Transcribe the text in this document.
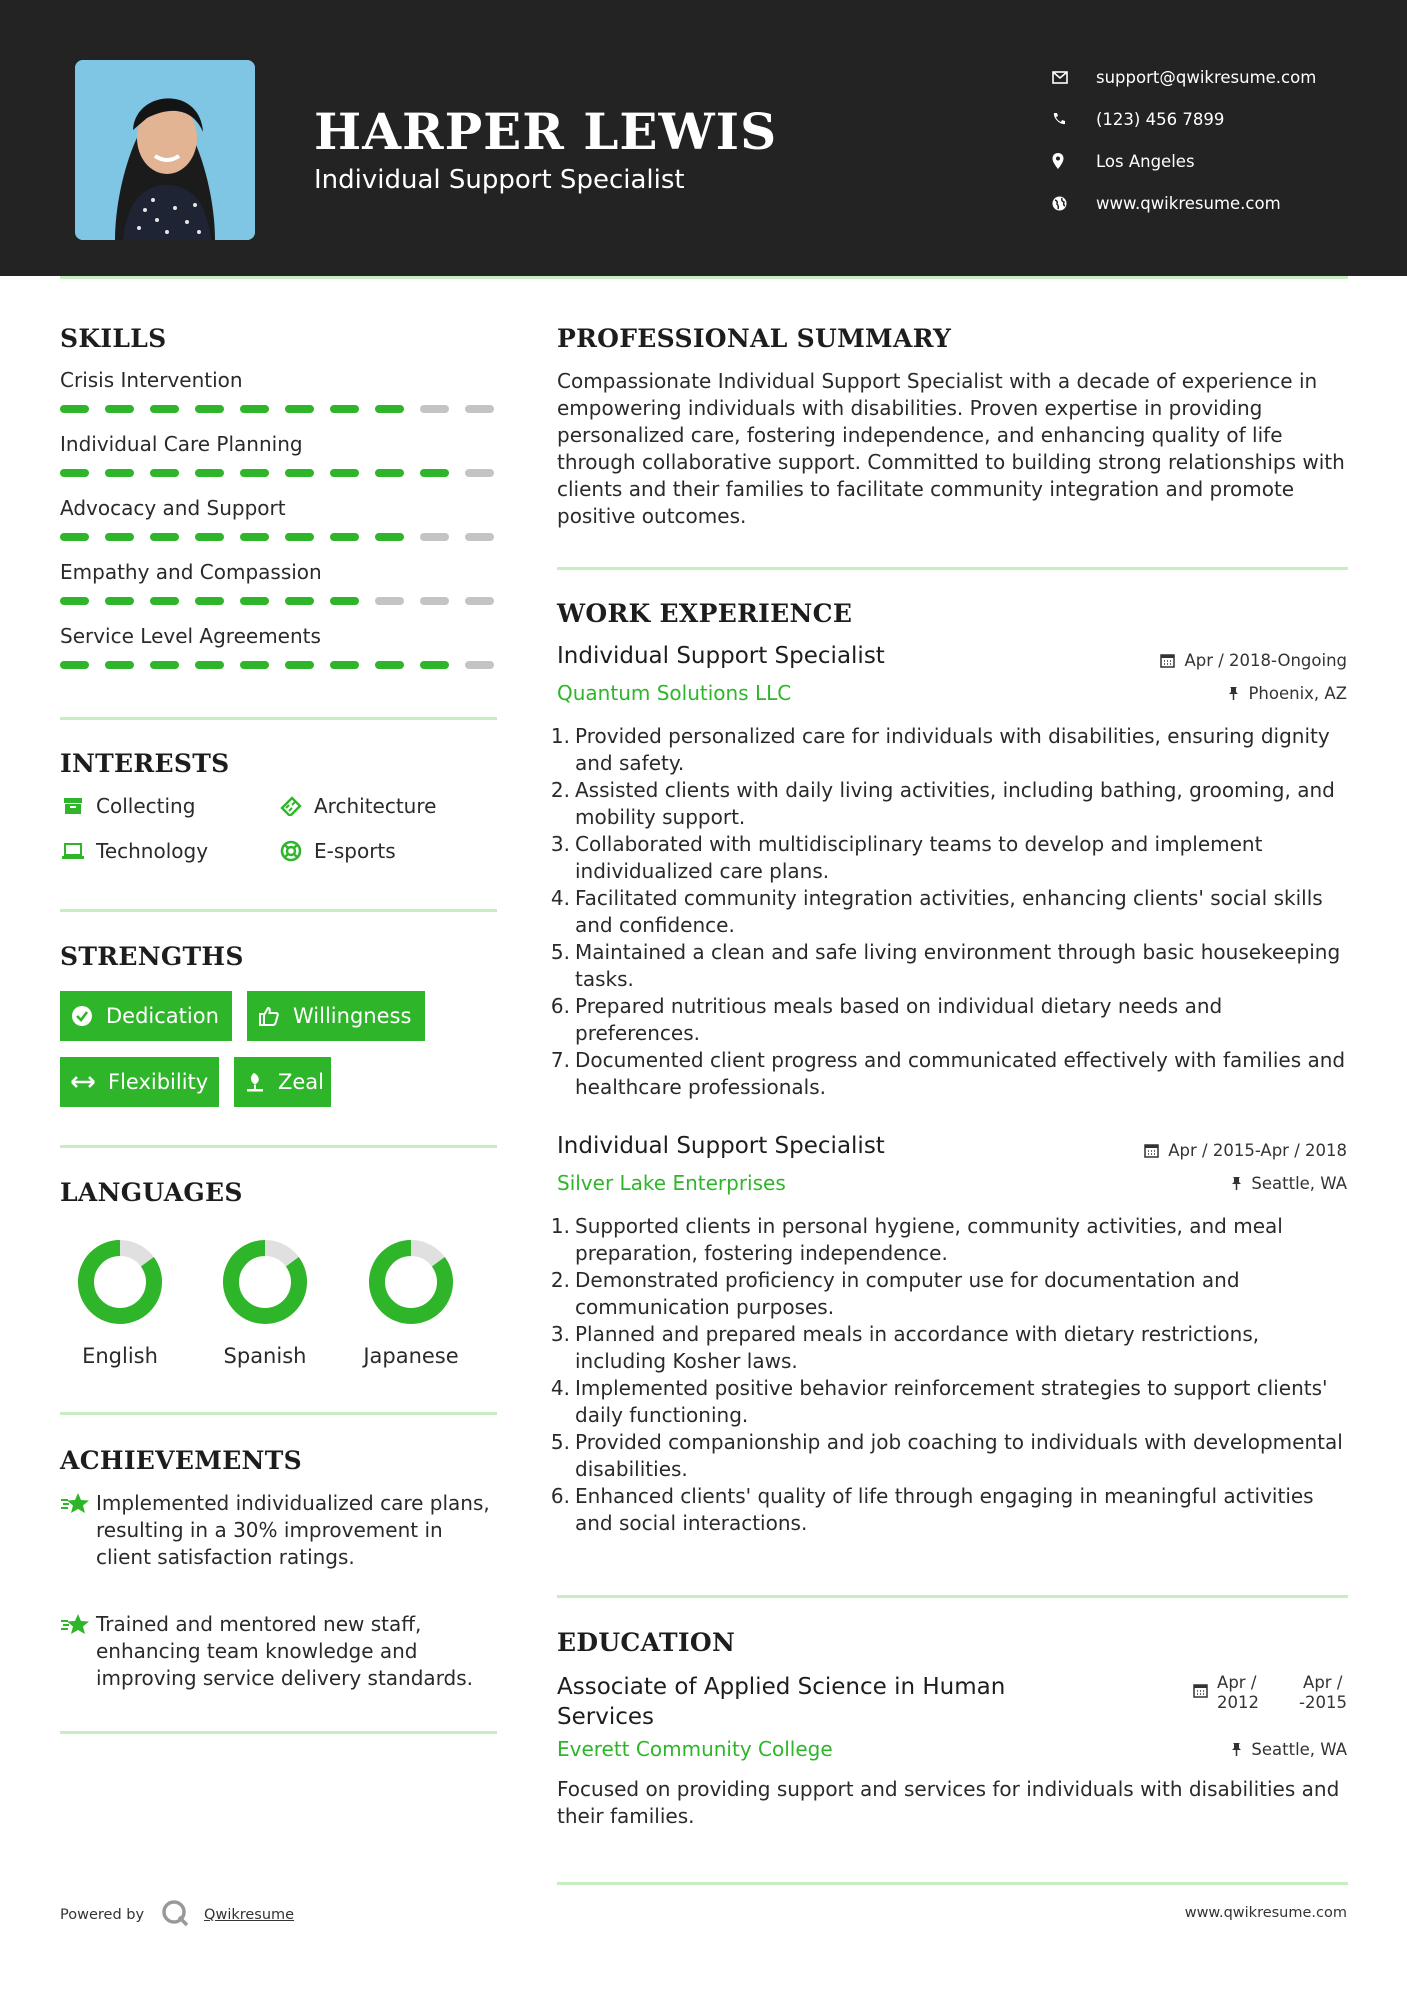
HARPER LEWIS
Individual Support Specialist
support@qwikresume.com
(123) 456 7899
Los Angeles
www.qwikresume.com
SKILLS
Crisis Intervention
Individual Care Planning
Advocacy and Support
Empathy and Compassion
Service Level Agreements
INTERESTS
Collecting	Architecture
Technology	E-sports
STRENGTHS
Dedication	Willingness
Flexibility	Zeal
LANGUAGES
English	Spanish	Japanese
ACHIEVEMENTS
Implemented individualized care plans, resulting in a 30% improvement in client satisfaction ratings.
Trained and mentored new staff, enhancing team knowledge and improving service delivery standards.
PROFESSIONAL SUMMARY
Compassionate Individual Support Specialist with a decade of experience in empowering individuals with disabilities. Proven expertise in providing personalized care, fostering independence, and enhancing quality of life through collaborative support. Committed to building strong relationships with clients and their families to facilitate community integration and promote positive outcomes.
WORK EXPERIENCE
Individual Support Specialist	Apr / 2018-Ongoing
Quantum Solutions LLC	Phoenix, AZ
1. Provided personalized care for individuals with disabilities, ensuring dignity and safety.
2. Assisted clients with daily living activities, including bathing, grooming, and mobility support.
3. Collaborated with multidisciplinary teams to develop and implement individualized care plans.
4. Facilitated community integration activities, enhancing clients' social skills and confidence.
5. Maintained a clean and safe living environment through basic housekeeping tasks.
6. Prepared nutritious meals based on individual dietary needs and preferences.
7. Documented client progress and communicated effectively with families and healthcare professionals.
Individual Support Specialist	Apr / 2015-Apr / 2018
Silver Lake Enterprises	Seattle, WA
1. Supported clients in personal hygiene, community activities, and meal preparation, fostering independence.
2. Demonstrated proficiency in computer use for documentation and communication purposes.
3. Planned and prepared meals in accordance with dietary restrictions, including Kosher laws.
4. Implemented positive behavior reinforcement strategies to support clients' daily functioning.
5. Provided companionship and job coaching to individuals with developmental disabilities.
6. Enhanced clients' quality of life through engaging in meaningful activities and social interactions.
EDUCATION
Associate of Applied Science in Human
Services
Apr /
2012
Apr /
-2015
Everett Community College	Seattle, WA
Focused on providing support and services for individuals with disabilities and their families.
Powered by	Qwikresume	www.qwikresume.com
